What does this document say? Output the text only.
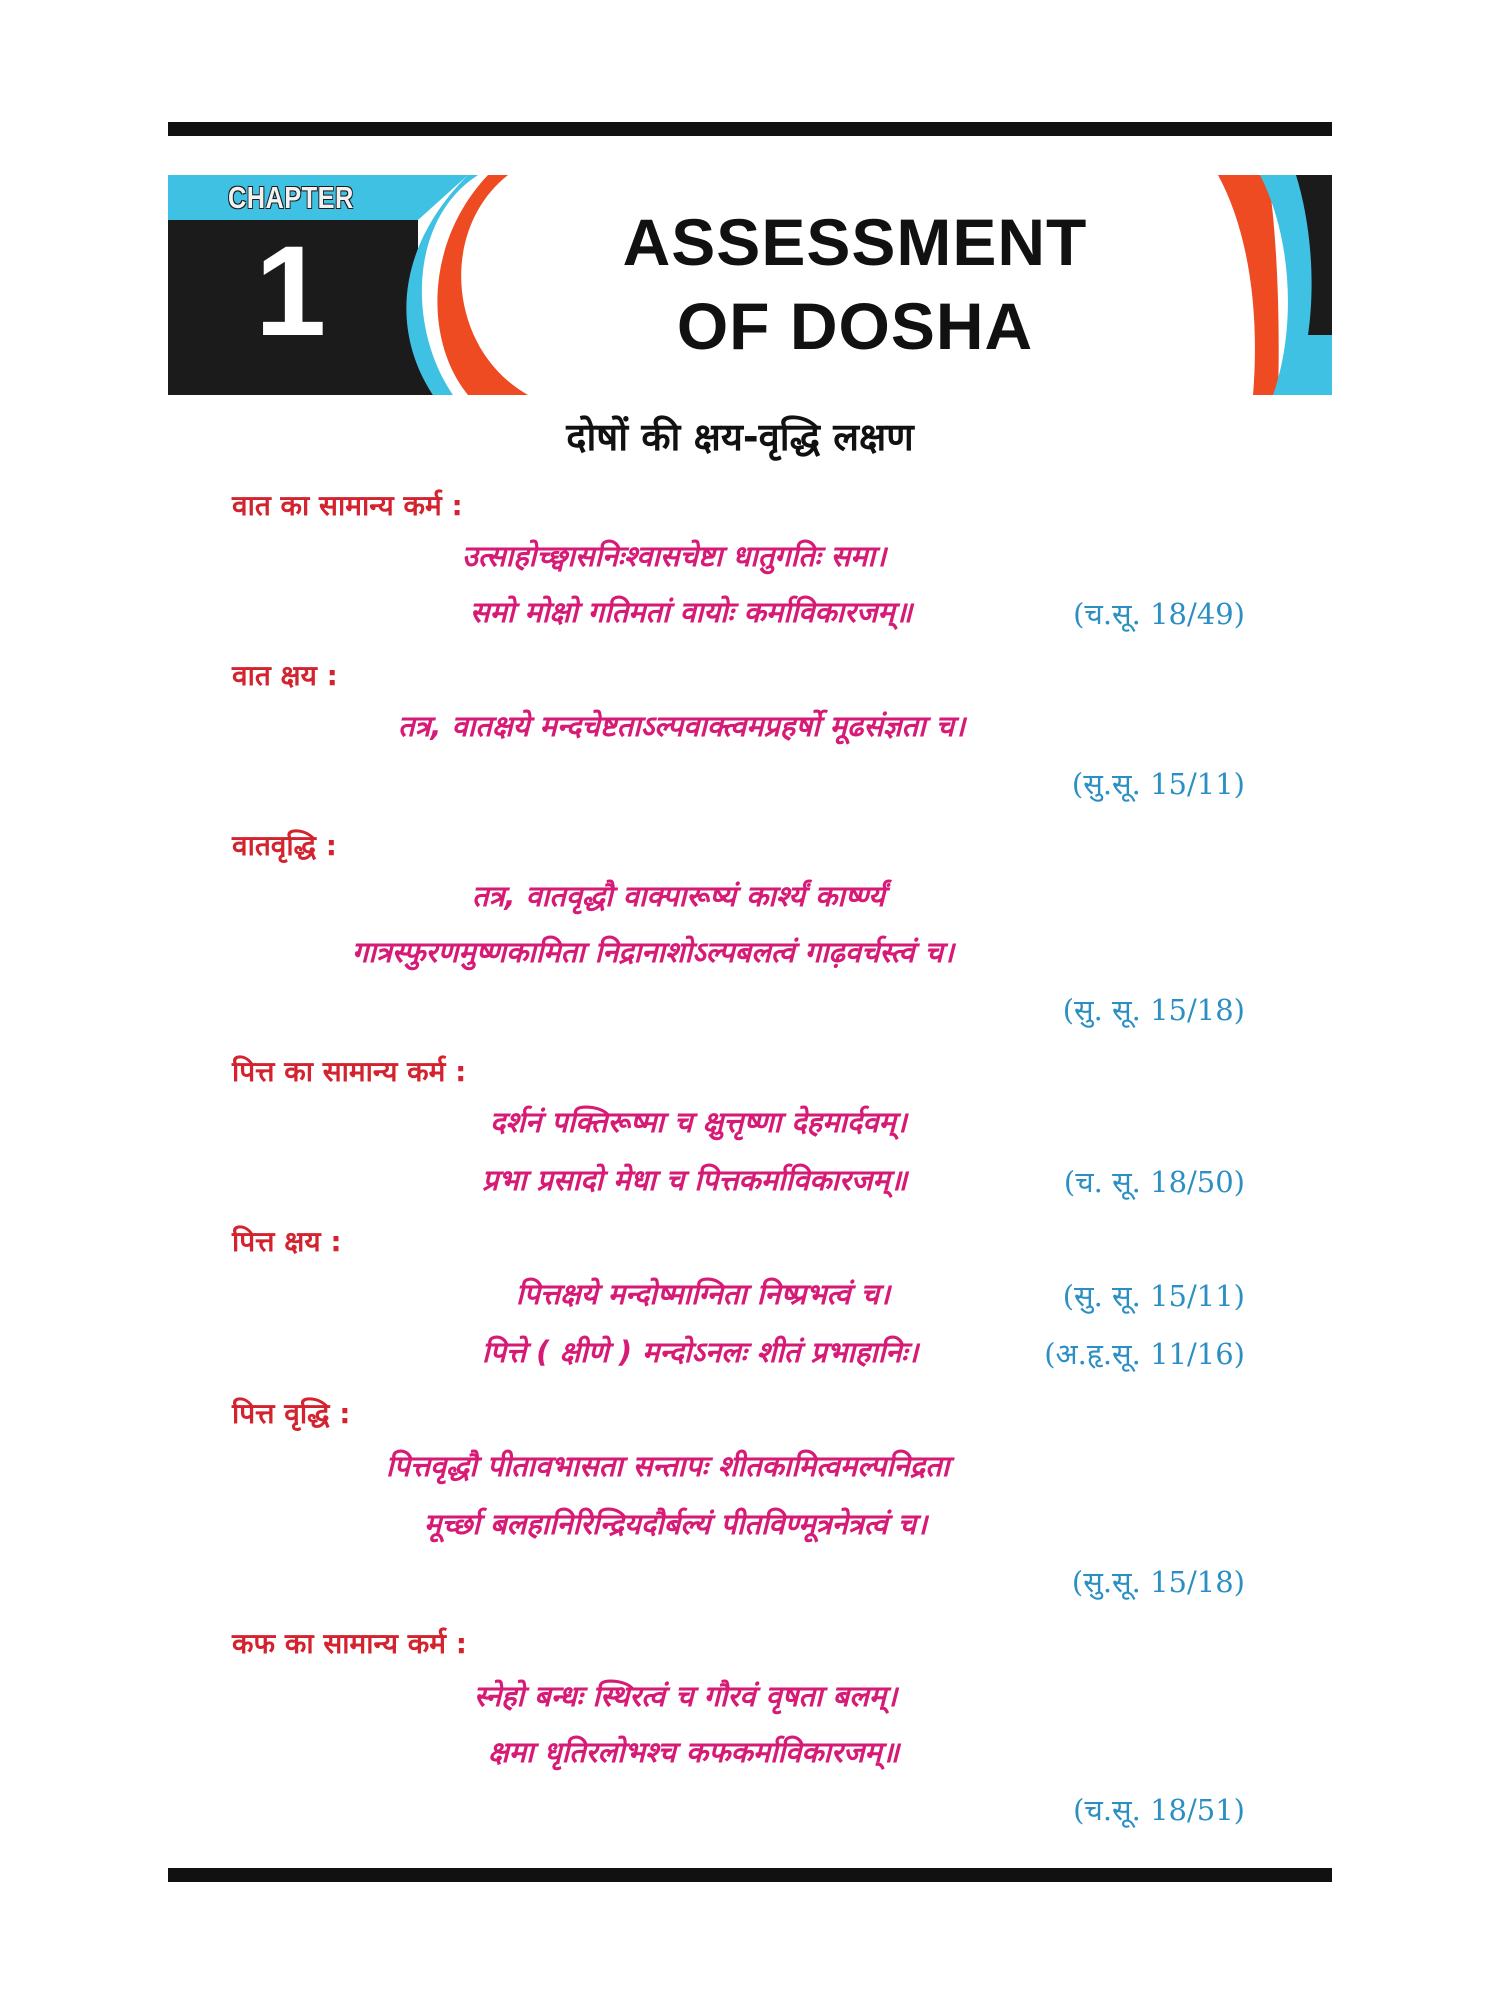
CHAPTER
1	ASSESSMENT
OF DOSHA
दोषों की क्षय-वृद्धि लक्षण
वात का सामान्य कर्म :
उत्साहोच्छ्वासनिःश्वासचेष्टा धातुगतिः समा।
समो मोक्षो गतिमतां वायोः कर्माविकारजम्॥	(च.सू. 18/49)
वात क्षय :
तत्र, वातक्षये मन्दचेष्टताऽल्पवाक्त्वमप्रहर्षो मूढसंज्ञता च।
(सु.सू. 15/11)
वातवृद्धि :
तत्र, वातवृद्धौ वाक्पारूष्यं कार्श्यं कार्ष्ण्यं
गात्रस्फुरणमुष्णकामिता निद्रानाशोऽल्पबलत्वं गाढ़वर्चस्त्वं च।
(सु. सू. 15/18)
पित्त का सामान्य कर्म :
दर्शनं पक्तिरूष्मा च क्षुत्तृष्णा देहमार्दवम्।
प्रभा प्रसादो मेधा च पित्तकर्माविकारजम्॥	(च. सू. 18/50)
पित्त क्षय :
पित्तक्षये मन्दोष्माग्निता निष्प्रभत्वं च।	(सु. सू. 15/11)
पित्ते ( क्षीणे ) मन्दोऽनलः शीतं प्रभाहानिः।	(अ.हृ.सू. 11/16)
पित्त वृद्धि :
पित्तवृद्धौ पीतावभासता सन्तापः शीतकामित्वमल्पनिद्रता
मूर्च्छा बलहानिरिन्द्रियदौर्बल्यं पीतविण्मूत्रनेत्रत्वं च।
(सु.सू. 15/18)
कफ का सामान्य कर्म :
स्नेहो बन्धः स्थिरत्वं च गौरवं वृषता बलम्।
क्षमा धृतिरलोभश्च कफकर्माविकारजम्॥
(च.सू. 18/51)
